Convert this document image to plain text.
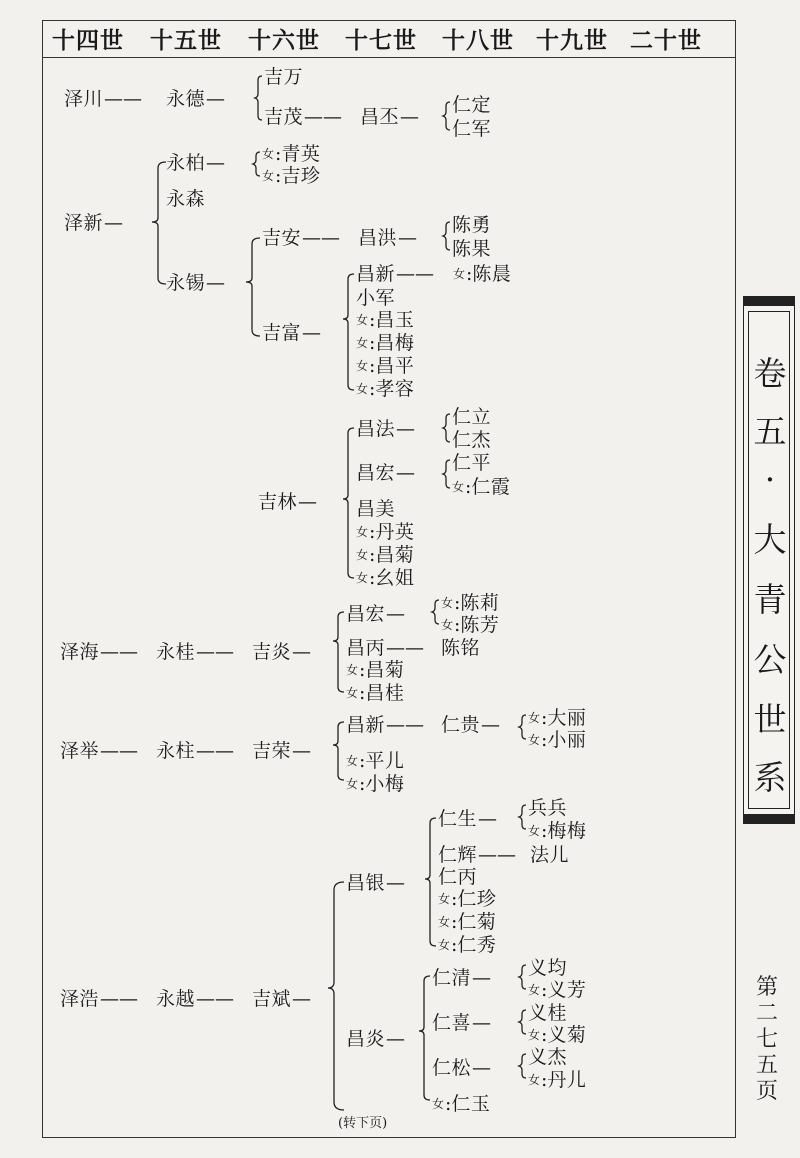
十四世 十五世 十六世 十七世 十八世 十九世 二十世
泽川—— 永德—
吉万
吉茂—— 昌丕—
仁定
仁军
泽新—
永柏—
永森
永锡—
女:青英
女:吉珍
吉安—— 昌洪—
陈勇
陈果
吉富—
昌新—— 女:陈晨
小军
女:昌玉
女:昌梅
女:昌平
女:孝容
吉林—
昌法—
仁立
仁杰
昌宏— 仁平
女:仁霞
昌美
女:丹英
女:昌菊
女:幺姐
泽海—— 永桂—— 吉炎—
昌宏—	女:陈莉
女:陈芳
昌丙—— 陈铭
女:昌菊
女:昌桂
泽举—— 永柱—— 吉荣—
昌新—— 仁贵— 女:大丽
女:小丽
女:平儿
女:小梅
泽浩—— 永越—— 吉斌—
昌银—
仁生— 兵兵
女:梅梅
仁辉—— 法儿
仁丙
女:仁珍
女:仁菊
女:仁秀
昌炎—
仁清— 义均
女:义芳
仁喜— 义桂
女:义菊
仁松— 义杰
女:丹儿
女:仁玉
(转下页)
卷
五
·
大
青
公
世
系
第
二
七
五
页
